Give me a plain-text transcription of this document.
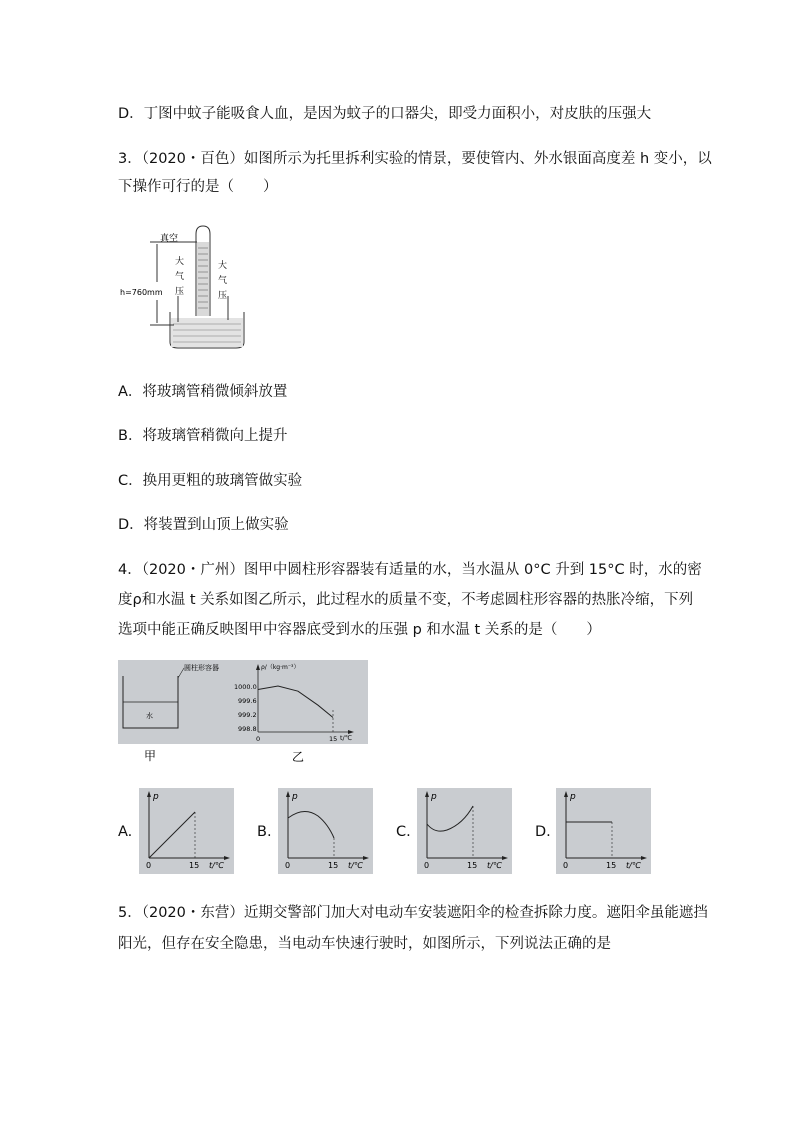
D．丁图中蚊子能吸食人血，是因为蚊子的口器尖，即受力面积小，对皮肤的压强大
3．（2020・百色）如图所示为托里拆利实验的情景，要使管内、外水银面高度差 h 变小，以
下操作可行的是（　　）
真空
h=760mm
大
气
压
大
气
压
A．将玻璃管稍微倾斜放置
B．将玻璃管稍微向上提升
C．换用更粗的玻璃管做实验
D．将装置到山顶上做实验
4．（2020・广州）图甲中圆柱形容器装有适量的水，当水温从 0°C 升到 15°C 时，水的密
度ρ和水温 t 关系如图乙所示，此过程水的质量不变，不考虑圆柱形容器的热胀冷缩，下列
选项中能正确反映图甲中容器底受到水的压强 p 和水温 t 关系的是（　　）
圆柱形容器
水
ρ/（kg·m⁻³）
1000.0
999.6
999.2
998.8
0	15 t/℃
甲	乙
A.	B.	C.	D.
p
0	15 t/℃
p
0	15 t/℃
p
0	15 t/℃
p
0	15 t/℃
5．（2020・东营）近期交警部门加大对电动车安装遮阳伞的检查拆除力度。遮阳伞虽能遮挡
阳光，但存在安全隐患，当电动车快速行驶时，如图所示，下列说法正确的是
